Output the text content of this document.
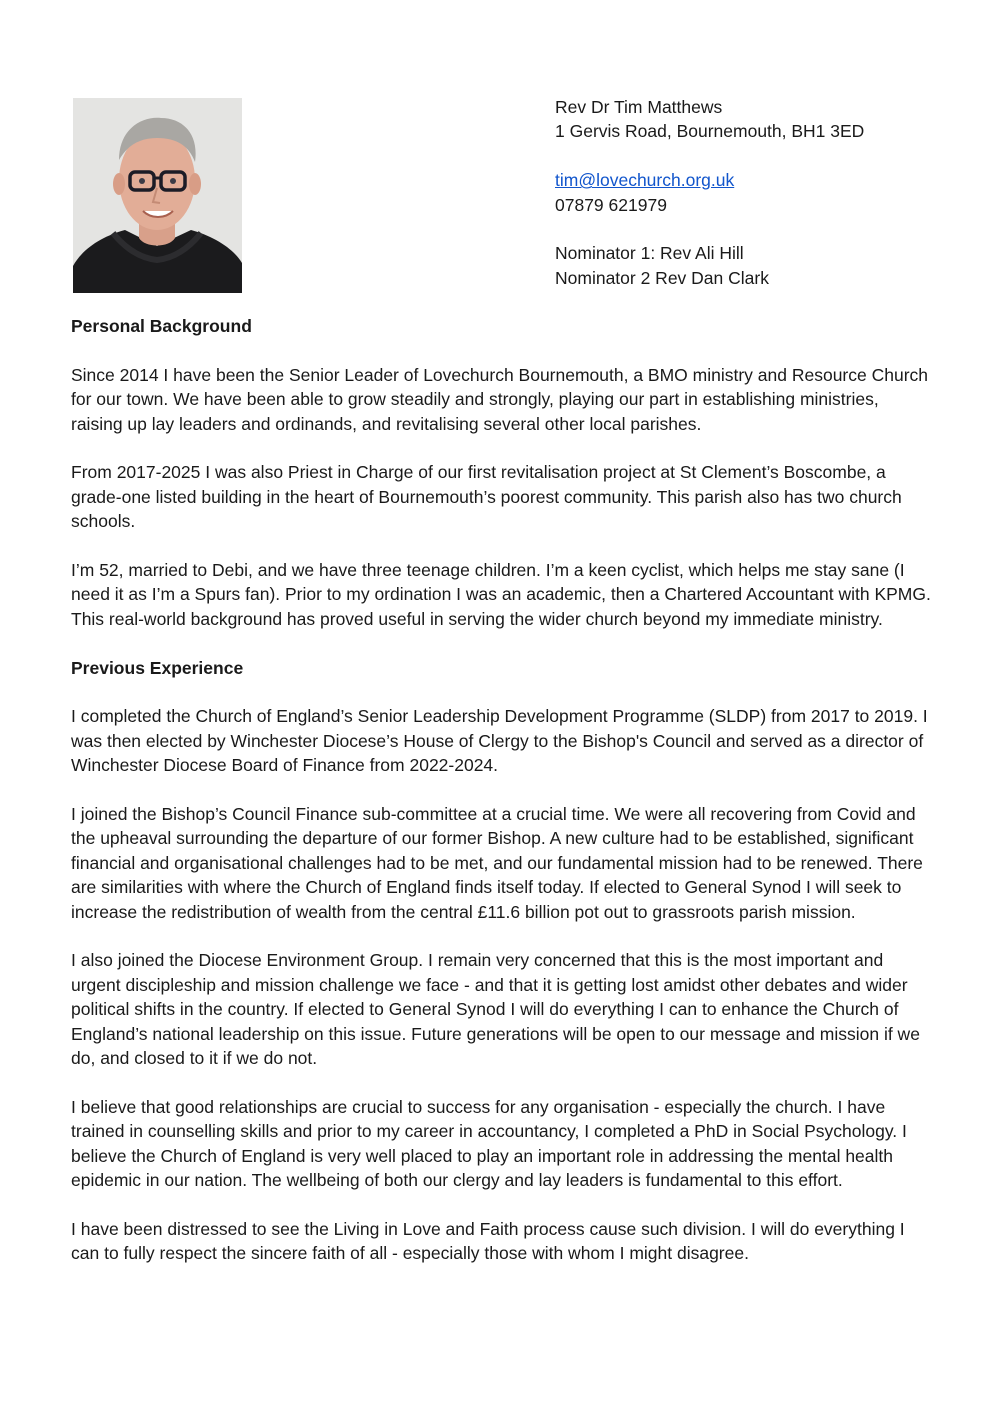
Rev Dr Tim Matthews
1 Gervis Road, Bournemouth, BH1 3ED
tim@lovechurch.org.uk
07879 621979
Nominator 1: Rev Ali Hill
Nominator 2 Rev Dan Clark
Personal Background

Since 2014 I have been the Senior Leader of Lovechurch Bournemouth, a BMO ministry and Resource Church for our town. We have been able to grow steadily and strongly, playing our part in establishing ministries, raising up lay leaders and ordinands, and revitalising several other local parishes.

From 2017-2025 I was also Priest in Charge of our first revitalisation project at St Clement’s Boscombe, a grade-one listed building in the heart of Bournemouth’s poorest community. This parish also has two church schools.

I’m 52, married to Debi, and we have three teenage children. I’m a keen cyclist, which helps me stay sane (I need it as I’m a Spurs fan). Prior to my ordination I was an academic, then a Chartered Accountant with KPMG. This real-world background has proved useful in serving the wider church beyond my immediate ministry.

Previous Experience

I completed the Church of England’s Senior Leadership Development Programme (SLDP) from 2017 to 2019. I was then elected by Winchester Diocese’s House of Clergy to the Bishop's Council and served as a director of Winchester Diocese Board of Finance from 2022-2024.

I joined the Bishop’s Council Finance sub-committee at a crucial time. We were all recovering from Covid and the upheaval surrounding the departure of our former Bishop. A new culture had to be established, significant financial and organisational challenges had to be met, and our fundamental mission had to be renewed. There are similarities with where the Church of England finds itself today. If elected to General Synod I will seek to increase the redistribution of wealth from the central £11.6 billion pot out to grassroots parish mission.

I also joined the Diocese Environment Group. I remain very concerned that this is the most important and urgent discipleship and mission challenge we face - and that it is getting lost amidst other debates and wider political shifts in the country. If elected to General Synod I will do everything I can to enhance the Church of England’s national leadership on this issue. Future generations will be open to our message and mission if we do, and closed to it if we do not.

I believe that good relationships are crucial to success for any organisation - especially the church. I have trained in counselling skills and prior to my career in accountancy, I completed a PhD in Social Psychology. I believe the Church of England is very well placed to play an important role in addressing the mental health epidemic in our nation. The wellbeing of both our clergy and lay leaders is fundamental to this effort.

I have been distressed to see the Living in Love and Faith process cause such division. I will do everything I can to fully respect the sincere faith of all - especially those with whom I might disagree.
